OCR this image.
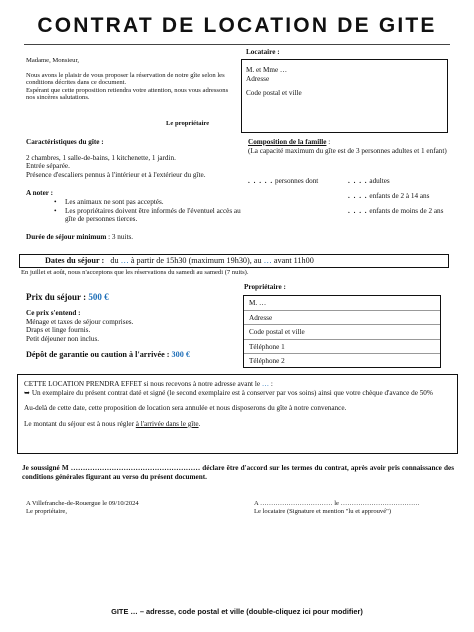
CONTRAT DE LOCATION DE GITE
Madame, Monsieur,
Nous avons le plaisir de vous proposer la réservation de notre gîte selon les conditions décrites dans ce document.
Espérant que cette proposition retiendra votre attention, nous vous adressons nos sincères salutations.
Le propriétaire
Locataire :
M. et Mme …
Adresse
Code postal et ville
Caractéristiques du gîte :
2 chambres, 1 salle-de-bains, 1 kitchenette, 1 jardin.
Entrée séparée.
Présence d'escaliers pennus à l'intérieur et à l'extérieur du gîte.
A noter :
• Les animaux ne sont pas acceptés.
• Les propriétaires doivent être informés de l'éventuel accès au gîte de personnes tierces.
Durée de séjour minimum : 3 nuits.
Composition de la famille :
(La capacité maximum du gîte est de 3 personnes adultes et 1 enfant)
. . . . . personnes dont	. . . . adultes
. . . . enfants de 2 à 14 ans
. . . . enfants de moins de 2 ans
Dates du séjour : du … à partir de 15h30 (maximum 19h30), au … avant 11h00
En juillet et août, nous n'acceptons que les réservations du samedi au samedi (7 nuits).
Prix du séjour : 500 €
Ce prix s'entend :
Ménage et taxes de séjour comprises.
Draps et linge fournis.
Petit déjeuner non inclus.
Dépôt de garantie ou caution à l'arrivée : 300 €
Propriétaire :
M. …
Adresse
Code postal et ville
Téléphone 1
Téléphone 2
CETTE LOCATION PRENDRA EFFET si nous recevons à notre adresse avant le … :
➥ Un exemplaire du présent contrat daté et signé (le second exemplaire est à conserver par vos soins) ainsi que votre chèque d'avance de 50%
Au-delà de cette date, cette proposition de location sera annulée et nous disposerons du gîte à notre convenance.
Le montant du séjour est à nous régler à l'arrivée dans le gîte.
Je soussigné M ……………………………………………… déclare être d'accord sur les termes du contrat, après avoir pris connaissance des conditions générales figurant au verso du présent document.
A Villefranche-de-Rouergue le 09/10/2024
Le propriétaire,
A …………………………… le ………………………………
Le locataire (Signature et mention "lu et approuvé")
GITE … – adresse, code postal et ville (double-cliquez ici pour modifier)
